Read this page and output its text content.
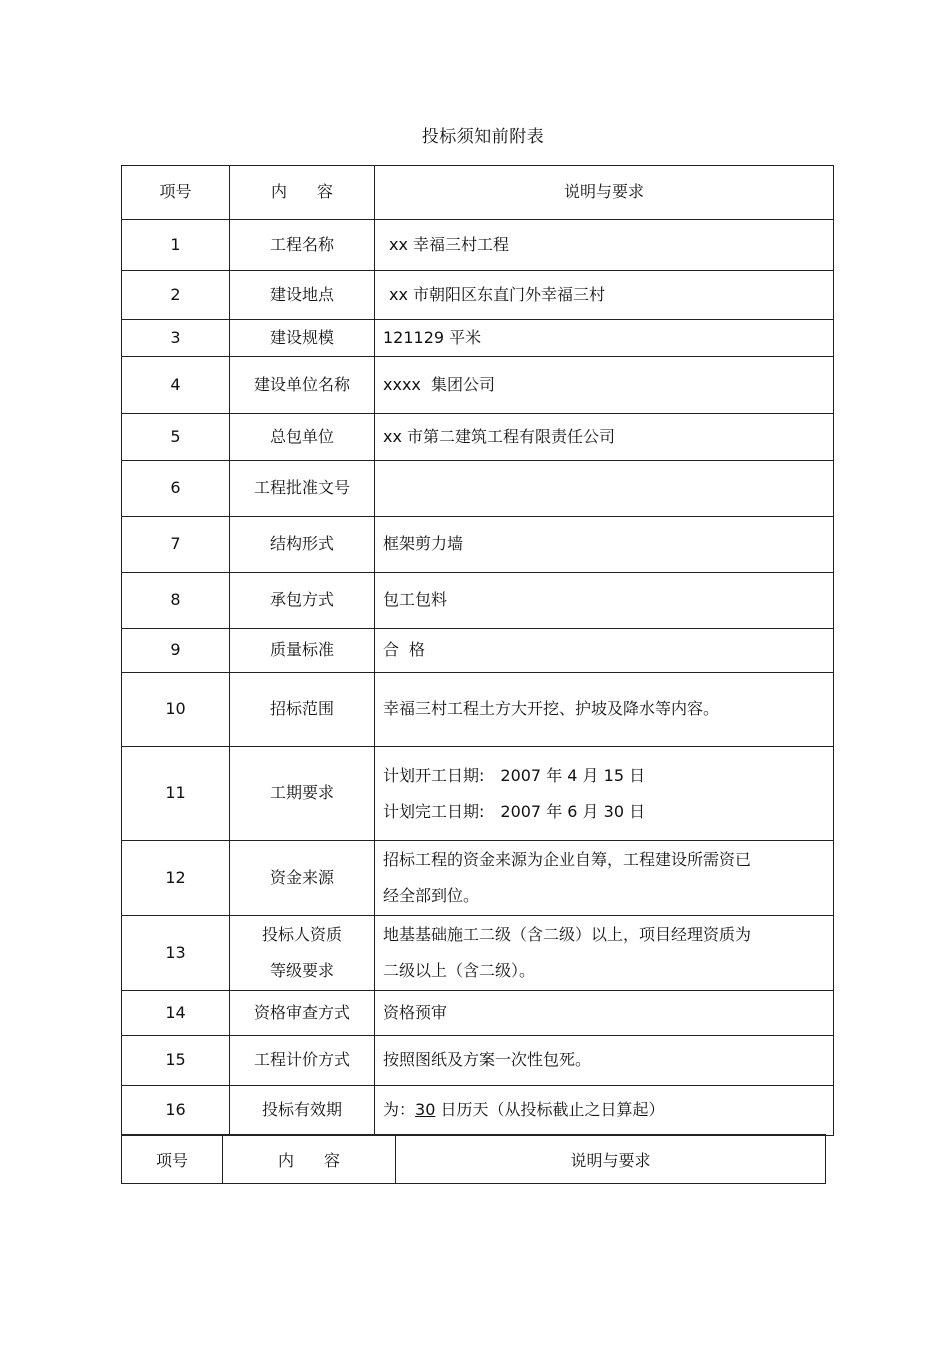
投标须知前附表
项号	内容	说明与要求
1	工程名称	xx 幸福三村工程

2	建设地点	xx 市朝阳区东直门外幸福三村

3	建设规模	121129 平米

4	建设单位名称	xxxx  集团公司

5	总包单位	xx 市第二建筑工程有限责任公司

6	工程批准文号	

7	结构形式	框架剪力墙

8	承包方式	包工包料

9	质量标准	合格

10	招标范围	幸福三村工程土方大开挖、护坡及降水等内容。

11	工期要求	计划开工日期:　2007 年 4 月 15 日
计划完工日期:　2007 年 6 月 30 日

12	资金来源	招标工程的资金来源为企业自筹，工程建设所需资已
经全部到位。

13	投标人资质
等级要求	地基基础施工二级（含二级）以上，项目经理资质为
二级以上（含二级）。

14	资格审查方式	资格预审

15	工程计价方式	按照图纸及方案一次性包死。

16	投标有效期	为：30 日历天（从投标截止之日算起）
项号	内容	说明与要求
